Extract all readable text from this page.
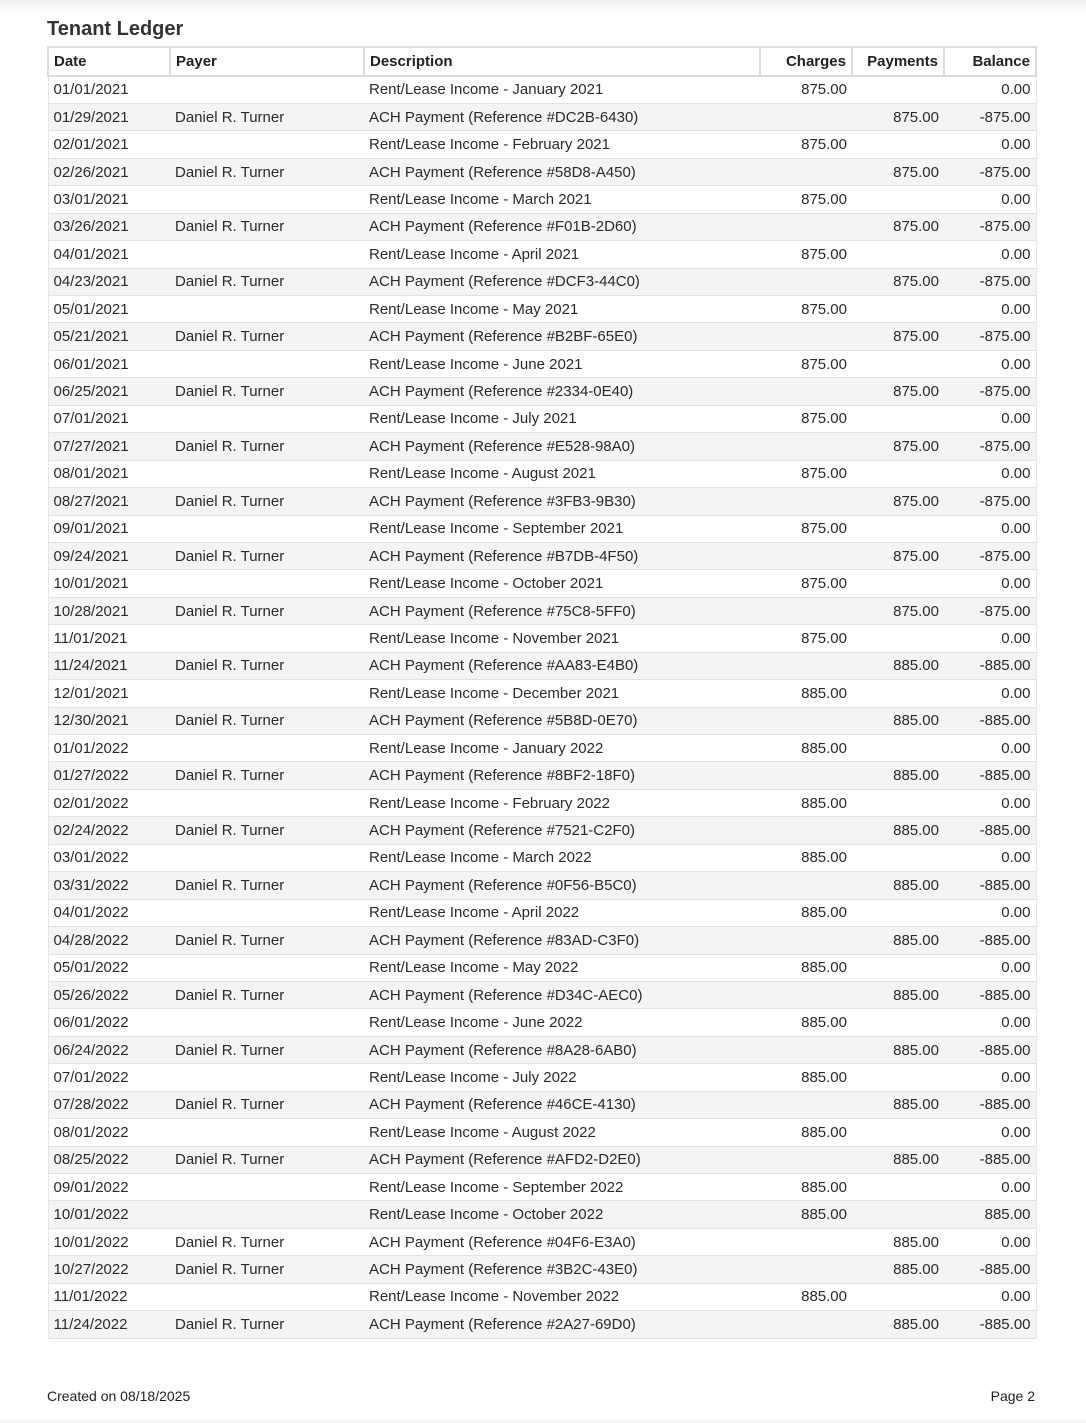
Tenant Ledger
Date	Payer	Description	Charges	Payments	Balance
01/01/2021		Rent/Lease Income - January 2021	875.00		0.00
01/29/2021	Daniel R. Turner	ACH Payment (Reference #DC2B-6430)		875.00	-875.00
02/01/2021		Rent/Lease Income - February 2021	875.00		0.00
02/26/2021	Daniel R. Turner	ACH Payment (Reference #58D8-A450)		875.00	-875.00
03/01/2021		Rent/Lease Income - March 2021	875.00		0.00
03/26/2021	Daniel R. Turner	ACH Payment (Reference #F01B-2D60)		875.00	-875.00
04/01/2021		Rent/Lease Income - April 2021	875.00		0.00
04/23/2021	Daniel R. Turner	ACH Payment (Reference #DCF3-44C0)		875.00	-875.00
05/01/2021		Rent/Lease Income - May 2021	875.00		0.00
05/21/2021	Daniel R. Turner	ACH Payment (Reference #B2BF-65E0)		875.00	-875.00
06/01/2021		Rent/Lease Income - June 2021	875.00		0.00
06/25/2021	Daniel R. Turner	ACH Payment (Reference #2334-0E40)		875.00	-875.00
07/01/2021		Rent/Lease Income - July 2021	875.00		0.00
07/27/2021	Daniel R. Turner	ACH Payment (Reference #E528-98A0)		875.00	-875.00
08/01/2021		Rent/Lease Income - August 2021	875.00		0.00
08/27/2021	Daniel R. Turner	ACH Payment (Reference #3FB3-9B30)		875.00	-875.00
09/01/2021		Rent/Lease Income - September 2021	875.00		0.00
09/24/2021	Daniel R. Turner	ACH Payment (Reference #B7DB-4F50)		875.00	-875.00
10/01/2021		Rent/Lease Income - October 2021	875.00		0.00
10/28/2021	Daniel R. Turner	ACH Payment (Reference #75C8-5FF0)		875.00	-875.00
11/01/2021		Rent/Lease Income - November 2021	875.00		0.00
11/24/2021	Daniel R. Turner	ACH Payment (Reference #AA83-E4B0)		885.00	-885.00
12/01/2021		Rent/Lease Income - December 2021	885.00		0.00
12/30/2021	Daniel R. Turner	ACH Payment (Reference #5B8D-0E70)		885.00	-885.00
01/01/2022		Rent/Lease Income - January 2022	885.00		0.00
01/27/2022	Daniel R. Turner	ACH Payment (Reference #8BF2-18F0)		885.00	-885.00
02/01/2022		Rent/Lease Income - February 2022	885.00		0.00
02/24/2022	Daniel R. Turner	ACH Payment (Reference #7521-C2F0)		885.00	-885.00
03/01/2022		Rent/Lease Income - March 2022	885.00		0.00
03/31/2022	Daniel R. Turner	ACH Payment (Reference #0F56-B5C0)		885.00	-885.00
04/01/2022		Rent/Lease Income - April 2022	885.00		0.00
04/28/2022	Daniel R. Turner	ACH Payment (Reference #83AD-C3F0)		885.00	-885.00
05/01/2022		Rent/Lease Income - May 2022	885.00		0.00
05/26/2022	Daniel R. Turner	ACH Payment (Reference #D34C-AEC0)		885.00	-885.00
06/01/2022		Rent/Lease Income - June 2022	885.00		0.00
06/24/2022	Daniel R. Turner	ACH Payment (Reference #8A28-6AB0)		885.00	-885.00
07/01/2022		Rent/Lease Income - July 2022	885.00		0.00
07/28/2022	Daniel R. Turner	ACH Payment (Reference #46CE-4130)		885.00	-885.00
08/01/2022		Rent/Lease Income - August 2022	885.00		0.00
08/25/2022	Daniel R. Turner	ACH Payment (Reference #AFD2-D2E0)		885.00	-885.00
09/01/2022		Rent/Lease Income - September 2022	885.00		0.00
10/01/2022		Rent/Lease Income - October 2022	885.00		885.00
10/01/2022	Daniel R. Turner	ACH Payment (Reference #04F6-E3A0)		885.00	0.00
10/27/2022	Daniel R. Turner	ACH Payment (Reference #3B2C-43E0)		885.00	-885.00
11/01/2022		Rent/Lease Income - November 2022	885.00		0.00
11/24/2022	Daniel R. Turner	ACH Payment (Reference #2A27-69D0)		885.00	-885.00
Created on 08/18/2025	Page 2
